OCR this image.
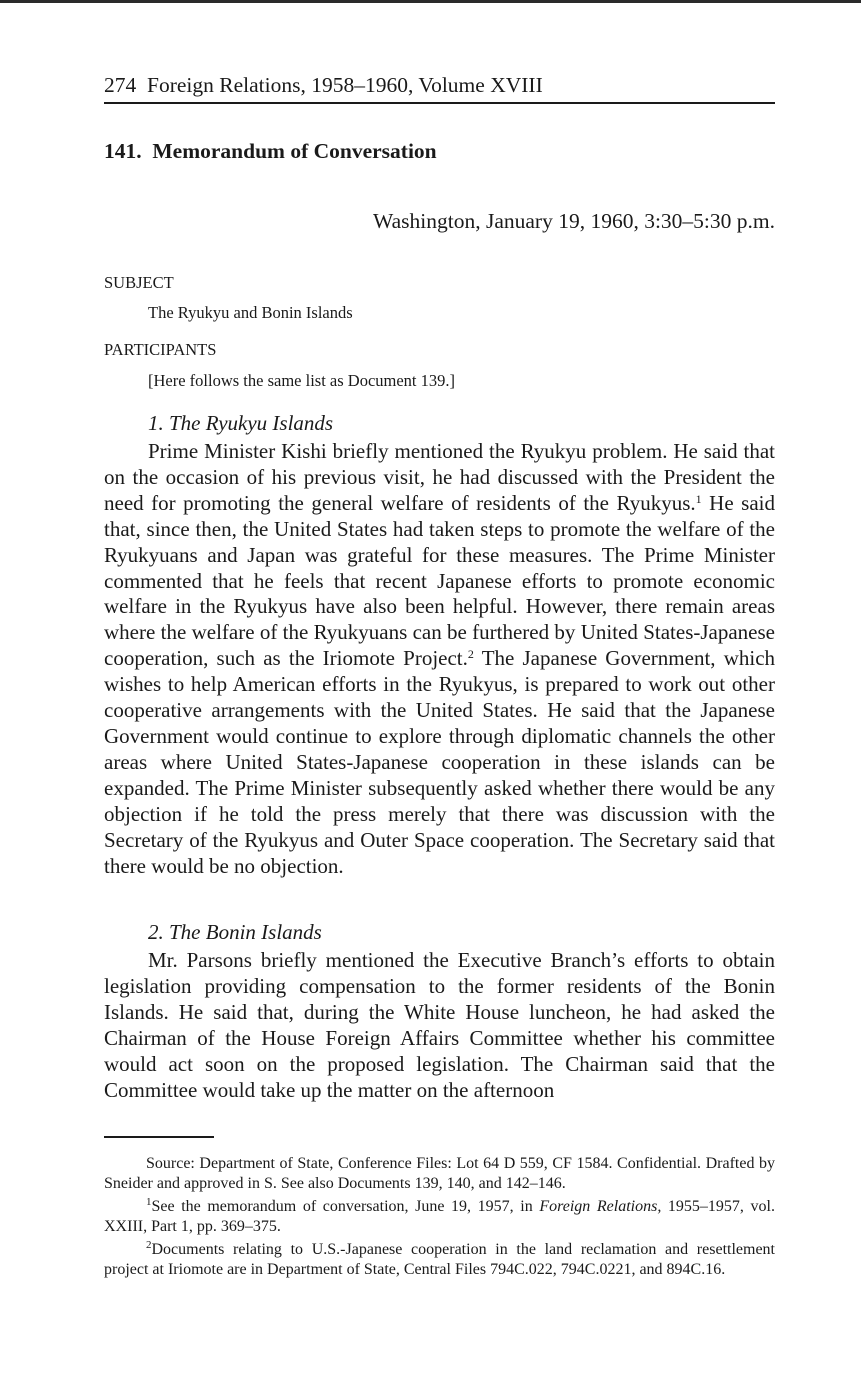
274 Foreign Relations, 1958–1960, Volume XVIII
141. Memorandum of Conversation
Washington, January 19, 1960, 3:30–5:30 p.m.
SUBJECT
The Ryukyu and Bonin Islands
PARTICIPANTS
[Here follows the same list as Document 139.]
1. The Ryukyu Islands
Prime Minister Kishi briefly mentioned the Ryukyu problem. He said that on the occasion of his previous visit, he had discussed with the President the need for promoting the general welfare of residents of the Ryukyus.$^1$ He said that, since then, the United States had taken steps to promote the welfare of the Ryukyuans and Japan was grateful for these measures. The Prime Minister commented that he feels that recent Japanese efforts to promote economic welfare in the Ryukyus have also been helpful. However, there remain areas where the welfare of the Ryukyuans can be furthered by United States-Japanese cooperation, such as the Iriomote Project.$^2$ The Japanese Government, which wishes to help American efforts in the Ryukyus, is prepared to work out other cooperative arrangements with the United States. He said that the Japanese Government would continue to explore through diplomatic channels the other areas where United States-Japanese cooperation in these islands can be expanded. The Prime Minister subsequently asked whether there would be any objection if he told the press merely that there was discussion with the Secretary of the Ryukyus and Outer Space cooperation. The Secretary said that there would be no objection.
2. The Bonin Islands
Mr. Parsons briefly mentioned the Executive Branch’s efforts to obtain legislation providing compensation to the former residents of the Bonin Islands. He said that, during the White House luncheon, he had asked the Chairman of the House Foreign Affairs Committee whether his committee would act soon on the proposed legislation. The Chairman said that the Committee would take up the matter on the afternoon
Source: Department of State, Conference Files: Lot 64 D 559, CF 1584. Confidential. Drafted by Sneider and approved in S. See also Documents 139, 140, and 142–146.
$^1$See the memorandum of conversation, June 19, 1957, in Foreign Relations, 1955–1957, vol. XXIII, Part 1, pp. 369–375.
$^2$Documents relating to U.S.-Japanese cooperation in the land reclamation and resettlement project at Iriomote are in Department of State, Central Files 794C.022, 794C.0221, and 894C.16.
